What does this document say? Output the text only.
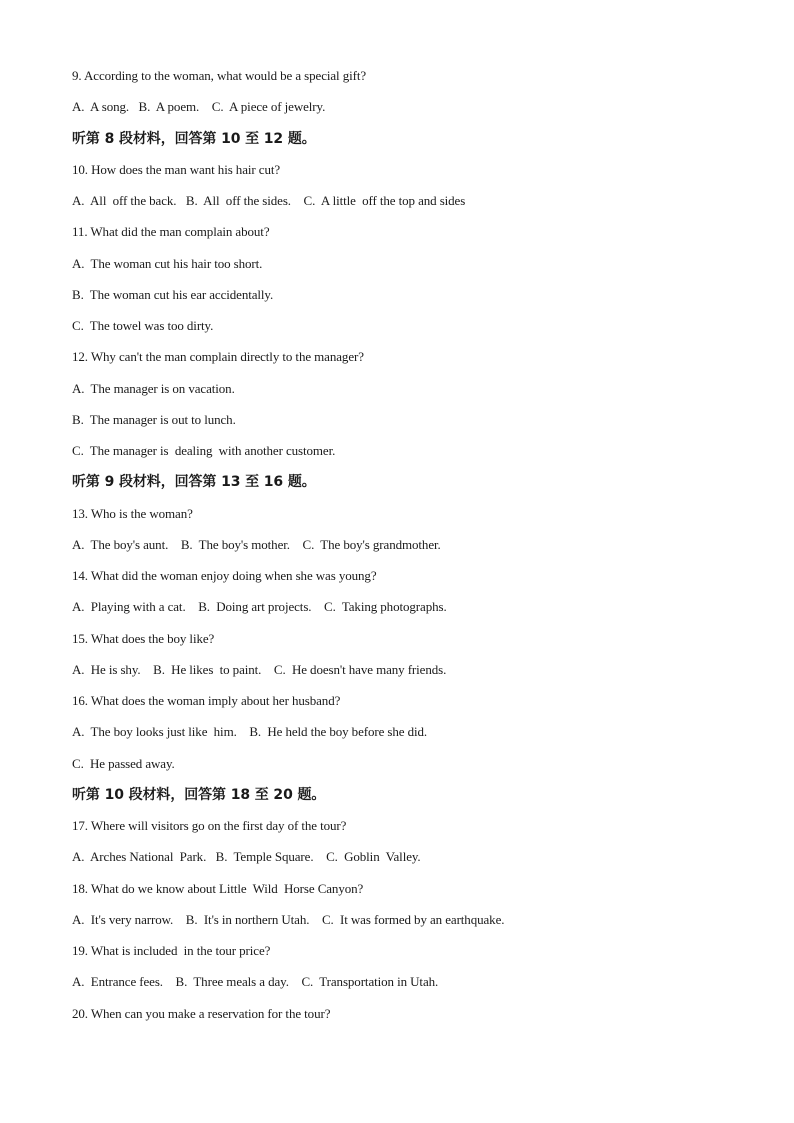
9. According to the woman, what would be a special gift?
A.  A song.   B.  A poem.    C.  A piece of jewelry.
听第 8 段材料，回答第 10 至 12 题。
10. How does the man want his hair cut?
A.  All  off the back.   B.  All  off the sides.    C.  A little  off the top and sides
11. What did the man complain about?
A.  The woman cut his hair too short.
B.  The woman cut his ear accidentally.
C.  The towel was too dirty.
12. Why can't the man complain directly to the manager?
A.  The manager is on vacation.
B.  The manager is out to lunch.
C.  The manager is  dealing  with another customer.
听第 9 段材料，回答第 13 至 16 题。
13. Who is the woman?
A.  The boy's aunt.    B.  The boy's mother.    C.  The boy's grandmother.
14. What did the woman enjoy doing when she was young?
A.  Playing with a cat.    B.  Doing art projects.    C.  Taking photographs.
15. What does the boy like?
A.  He is shy.    B.  He likes  to paint.    C.  He doesn't have many friends.
16. What does the woman imply about her husband?
A.  The boy looks just like  him.    B.  He held the boy before she did.
C.  He passed away.
听第 10 段材料，回答第 18 至 20 题。
17. Where will visitors go on the first day of the tour?
A.  Arches National  Park.   B.  Temple Square.    C.  Goblin  Valley.
18. What do we know about Little  Wild  Horse Canyon?
A.  It's very narrow.    B.  It's in northern Utah.    C.  It was formed by an earthquake.
19. What is included  in the tour price?
A.  Entrance fees.    B.  Three meals a day.    C.  Transportation in Utah.
20. When can you make a reservation for the tour?
